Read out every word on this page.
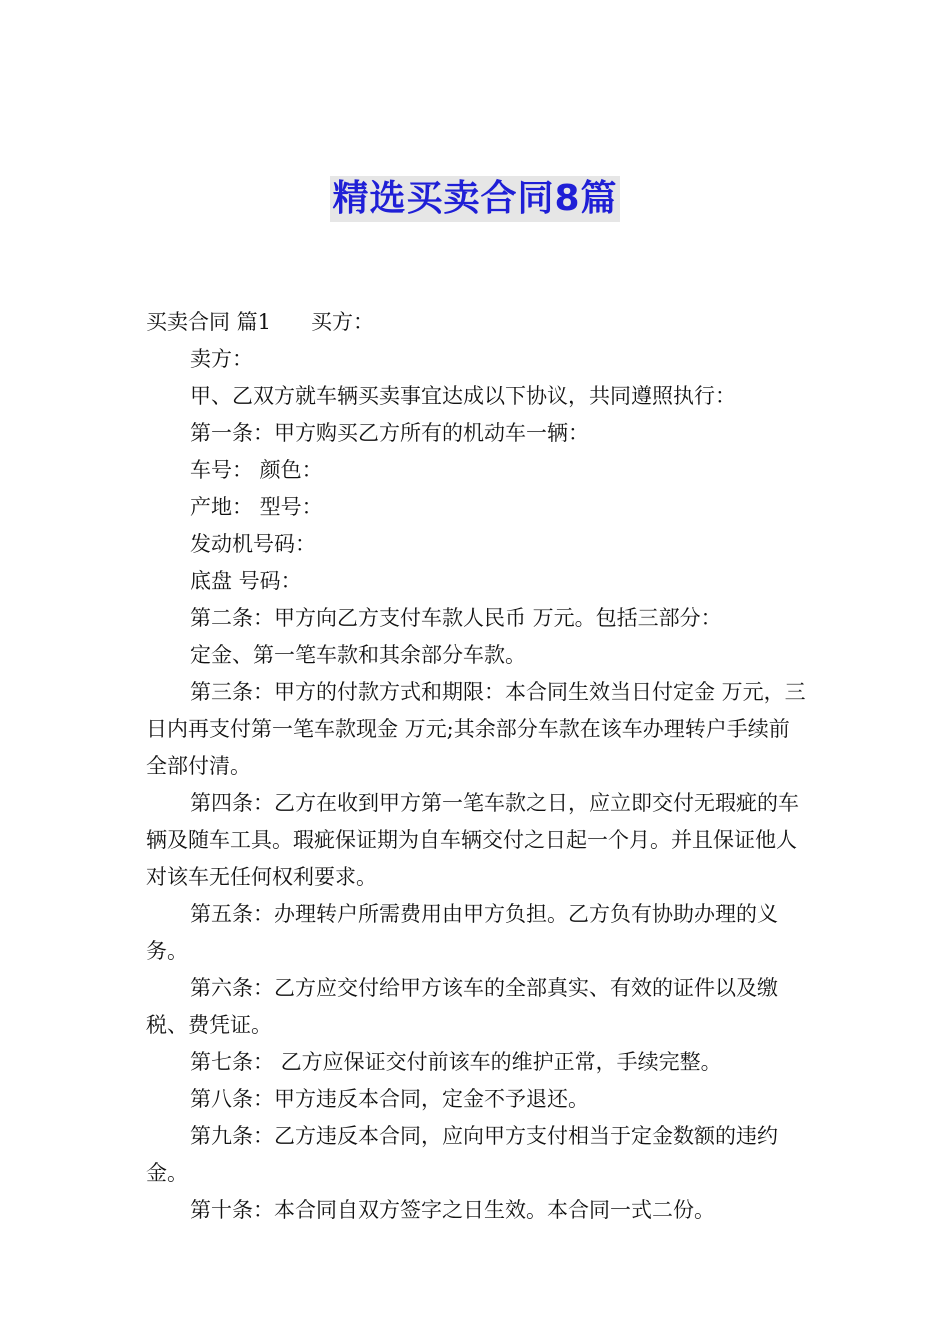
精选买卖合同8篇

买卖合同 篇1 买方：

卖方：

甲、乙双方就车辆买卖事宜达成以下协议，共同遵照执行：

第一条：甲方购买乙方所有的机动车一辆：

车号： 颜色：

产地： 型号：

发动机号码：

底盘 号码：

第二条：甲方向乙方支付车款人民币 万元。包括三部分：

定金、第一笔车款和其余部分车款。

第三条：甲方的付款方式和期限：本合同生效当日付定金 万元，三日内再支付第一笔车款现金 万元;其余部分车款在该车办理转户手续前全部付清。

第四条：乙方在收到甲方第一笔车款之日，应立即交付无瑕疵的车辆及随车工具。瑕疵保证期为自车辆交付之日起一个月。并且保证他人对该车无任何权利要求。

第五条：办理转户所需费用由甲方负担。乙方负有协助办理的义务。

第六条：乙方应交付给甲方该车的全部真实、有效的证件以及缴税、费凭证。

第七条： 乙方应保证交付前该车的维护正常，手续完整。

第八条：甲方违反本合同，定金不予退还。

第九条：乙方违反本合同，应向甲方支付相当于定金数额的违约金。

第十条：本合同自双方签字之日生效。本合同一式二份。
